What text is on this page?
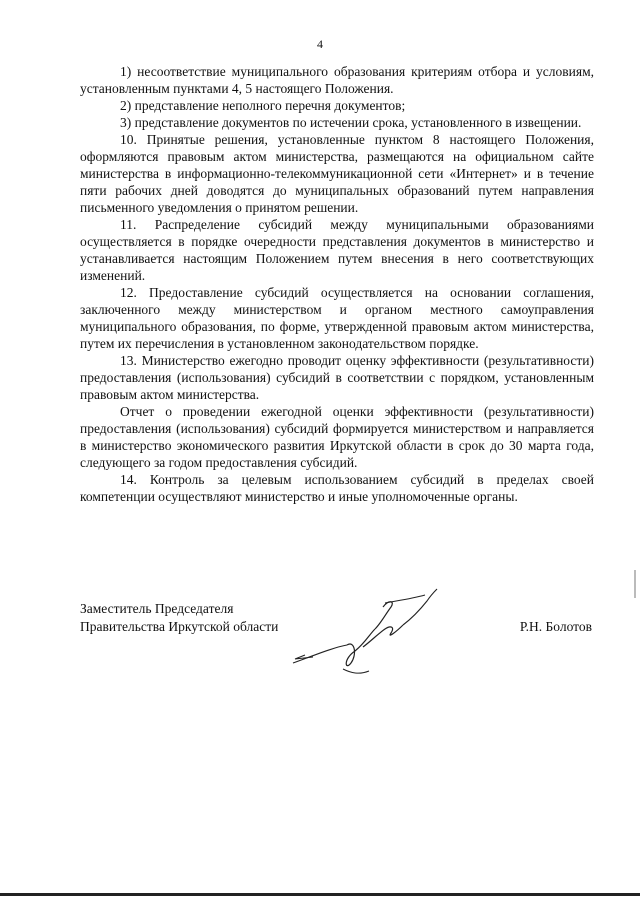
4

1) несоответствие муниципального образования критериям отбора и условиям, установленным пунктами 4, 5 настоящего Положения.

2) представление неполного перечня документов;

3) представление документов по истечении срока, установленного в извещении.

10. Принятые решения, установленные пунктом 8 настоящего Положения, оформляются правовым актом министерства, размещаются на официальном сайте министерства в информационно-телекоммуникационной сети «Интернет» и в течение пяти рабочих дней доводятся до муниципальных образований путем направления письменного уведомления о принятом решении.

11. Распределение субсидий между муниципальными образованиями осуществляется в порядке очередности представления документов в министерство и устанавливается настоящим Положением путем внесения в него соответствующих изменений.

12. Предоставление субсидий осуществляется на основании соглашения, заключенного между министерством и органом местного самоуправления муниципального образования, по форме, утвержденной правовым актом министерства, путем их перечисления в установленном законодательством порядке.

13. Министерство ежегодно проводит оценку эффективности (результативности) предоставления (использования) субсидий в соответствии с порядком, установленным правовым актом министерства.

Отчет о проведении ежегодной оценки эффективности (результативности) предоставления (использования) субсидий формируется министерством и направляется в министерство экономического развития Иркутской области в срок до 30 марта года, следующего за годом предоставления субсидий.

14. Контроль за целевым использованием субсидий в пределах своей компетенции осуществляют министерство и иные уполномоченные органы.

Заместитель Председателя
Правительства Иркутской области	Р.Н. Болотов
